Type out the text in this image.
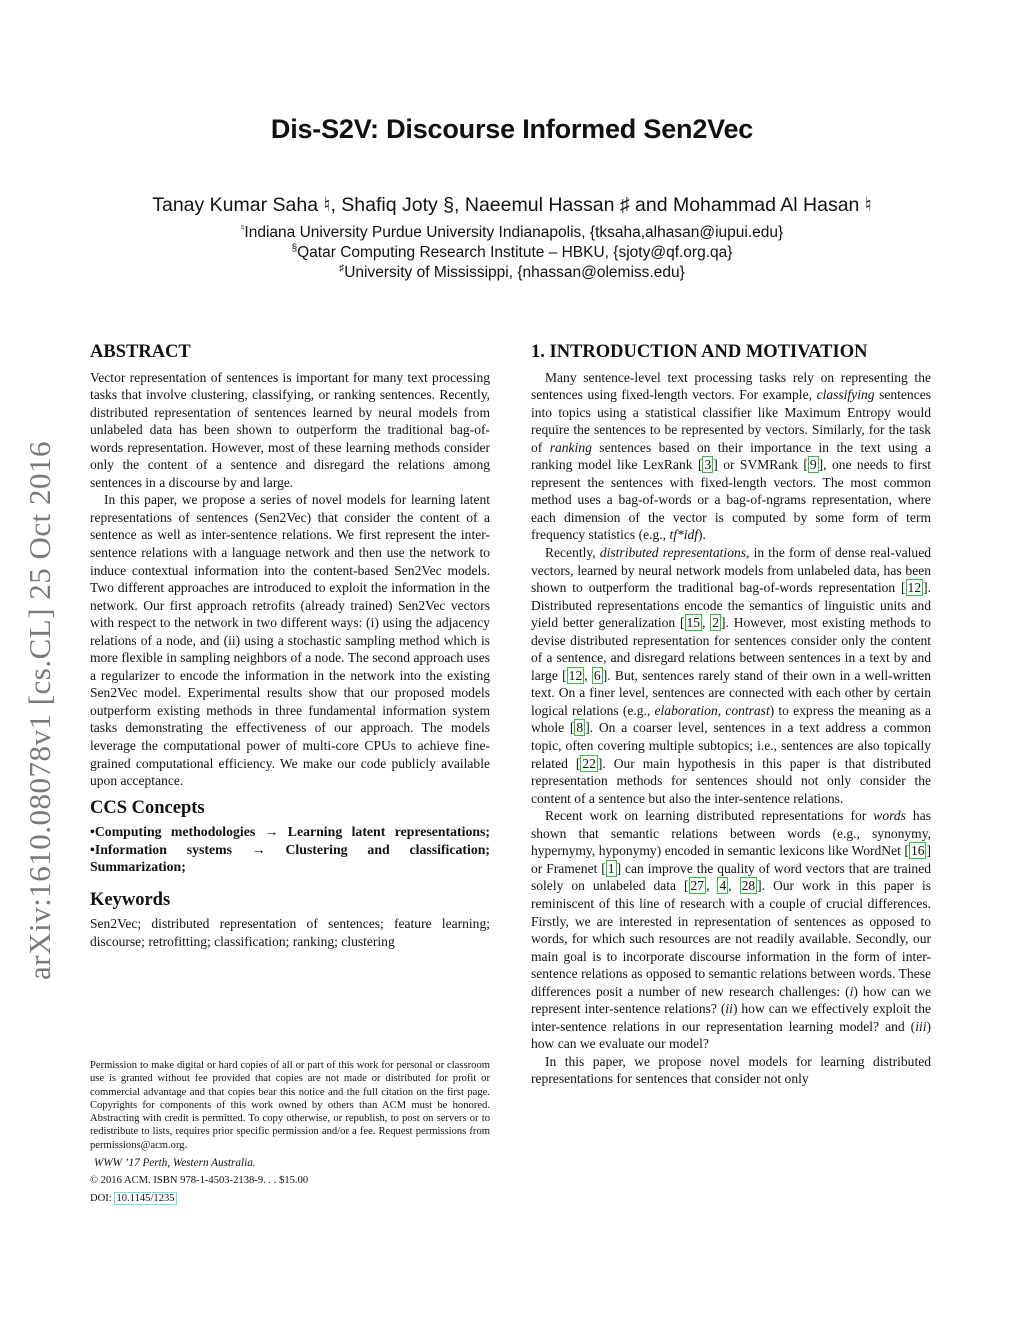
Dis-S2V: Discourse Informed Sen2Vec
Tanay Kumar Saha ♮, Shafiq Joty §, Naeemul Hassan ♯ and Mohammad Al Hasan ♮
♮Indiana University Purdue University Indianapolis, {tksaha,alhasan@iupui.edu}
§Qatar Computing Research Institute – HBKU, {sjoty@qf.org.qa}
♯University of Mississippi, {nhassan@olemiss.edu}
arXiv:1610.08078v1 [cs.CL] 25 Oct 2016
ABSTRACT

Vector representation of sentences is important for many text processing tasks that involve clustering, classifying, or ranking sentences. Recently, distributed representation of sentences learned by neural models from unlabeled data has been shown to outperform the traditional bag-of-words representation. However, most of these learning methods consider only the content of a sentence and disregard the relations among sentences in a discourse by and large.

In this paper, we propose a series of novel models for learning latent representations of sentences (Sen2Vec) that consider the content of a sentence as well as inter-sentence relations. We first represent the inter-sentence relations with a language network and then use the network to induce contextual information into the content-based Sen2Vec models. Two different approaches are introduced to exploit the information in the network. Our first approach retrofits (already trained) Sen2Vec vectors with respect to the network in two different ways: (i) using the adjacency relations of a node, and (ii) using a stochastic sampling method which is more flexible in sampling neighbors of a node. The second approach uses a regularizer to encode the information in the network into the existing Sen2Vec model. Experimental results show that our proposed models outperform existing methods in three fundamental information system tasks demonstrating the effectiveness of our approach. The models leverage the computational power of multi-core CPUs to achieve fine-grained computational efficiency. We make our code publicly available upon acceptance.

CCS Concepts

•Computing methodologies → Learning latent representations; •Information systems → Clustering and classification; Summarization;

Keywords

Sen2Vec; distributed representation of sentences; feature learning; discourse; retrofitting; classification; ranking; clustering

Permission to make digital or hard copies of all or part of this work for personal or classroom use is granted without fee provided that copies are not made or distributed for profit or commercial advantage and that copies bear this notice and the full citation on the first page. Copyrights for components of this work owned by others than ACM must be honored. Abstracting with credit is permitted. To copy otherwise, or republish, to post on servers or to redistribute to lists, requires prior specific permission and/or a fee. Request permissions from permissions@acm.org.
WWW ’17 Perth, Western Australia.
© 2016 ACM. ISBN 978-1-4503-2138-9. . . $15.00
DOI: 10.1145/1235
1. INTRODUCTION AND MOTIVATION

Many sentence-level text processing tasks rely on representing the sentences using fixed-length vectors. For example, classifying sentences into topics using a statistical classifier like Maximum Entropy would require the sentences to be represented by vectors. Similarly, for the task of ranking sentences based on their importance in the text using a ranking model like LexRank [ 3 ] or SVMRank [ 9 ], one needs to first represent the sentences with fixed-length vectors. The most common method uses a bag-of-words or a bag-of-ngrams representation, where each dimension of the vector is computed by some form of term frequency statistics (e.g., tf*idf).

Recently, distributed representations, in the form of dense real-valued vectors, learned by neural network models from unlabeled data, has been shown to outperform the traditional bag-of-words representation [ 12 ]. Distributed representations encode the semantics of linguistic units and yield better generalization [ 15 , 2 ]. However, most existing methods to devise distributed representation for sentences consider only the content of a sentence, and disregard relations between sentences in a text by and large [ 12 , 6 ]. But, sentences rarely stand of their own in a well-written text. On a finer level, sentences are connected with each other by certain logical relations (e.g., elaboration, contrast) to express the meaning as a whole [ 8 ]. On a coarser level, sentences in a text address a common topic, often covering multiple subtopics; i.e., sentences are also topically related [ 22 ]. Our main hypothesis in this paper is that distributed representation methods for sentences should not only consider the content of a sentence but also the inter-sentence relations.

Recent work on learning distributed representations for words has shown that semantic relations between words (e.g., synonymy, hypernymy, hyponymy) encoded in semantic lexicons like WordNet [ 16 ] or Framenet [ 1 ] can improve the quality of word vectors that are trained solely on unlabeled data [ 27 , 4 , 28 ]. Our work in this paper is reminiscent of this line of research with a couple of crucial differences. Firstly, we are interested in representation of sentences as opposed to words, for which such resources are not readily available. Secondly, our main goal is to incorporate discourse information in the form of inter-sentence relations as opposed to semantic relations between words. These differences posit a number of new research challenges: (i) how can we represent inter-sentence relations? (ii) how can we effectively exploit the inter-sentence relations in our representation learning model? and (iii) how can we evaluate our model?

In this paper, we propose novel models for learning distributed representations for sentences that consider not only
